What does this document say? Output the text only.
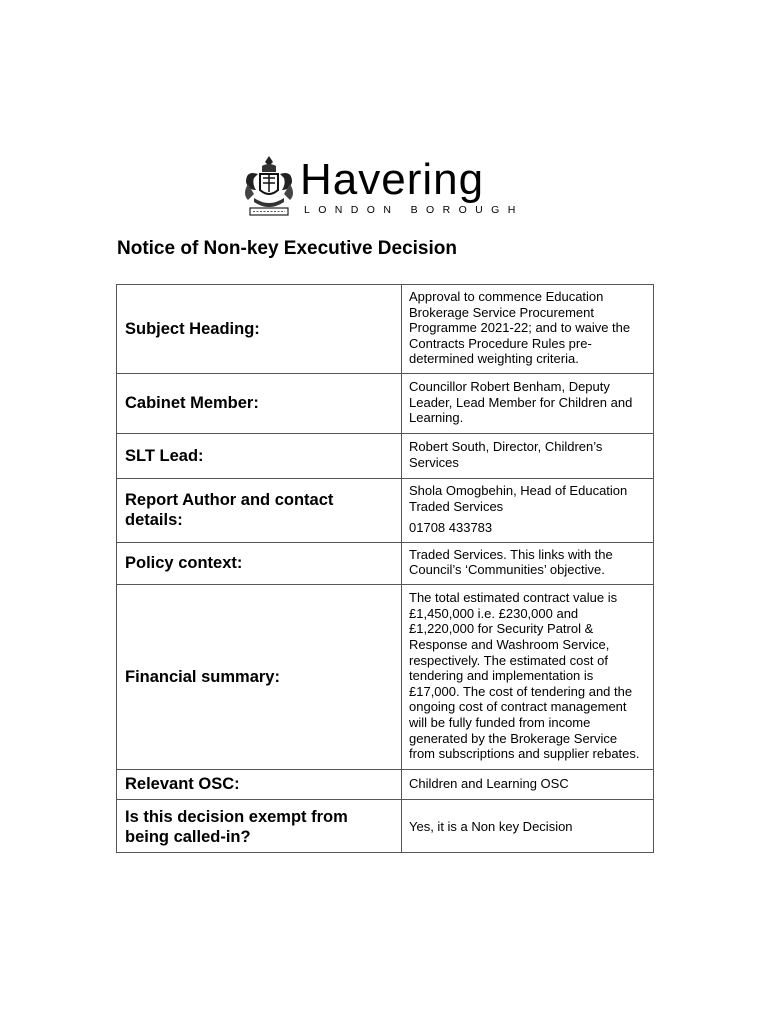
Havering
LONDON BOROUGH
Notice of Non-key Executive Decision
Subject Heading:	Approval to commence Education Brokerage Service Procurement Programme 2021-22; and to waive the Contracts Procedure Rules pre-determined weighting criteria.
Cabinet Member:	Councillor Robert Benham, Deputy Leader, Lead Member for Children and Learning.
SLT Lead:	Robert South, Director, Children’s Services
Report Author and contact details:	Shola Omogbehin, Head of Education Traded Services
01708 433783

Policy context:	Traded Services. This links with the Council’s ‘Communities’ objective.
Financial summary:	The total estimated contract value is £1,450,000 i.e. £230,000 and £1,220,000 for Security Patrol & Response and Washroom Service, respectively. The estimated cost of tendering and implementation is £17,000. The cost of tendering and the ongoing cost of contract management will be fully funded from income generated by the Brokerage Service from subscriptions and supplier rebates.
Relevant OSC:	Children and Learning OSC
Is this decision exempt from being called-in?	Yes, it is a Non key Decision
